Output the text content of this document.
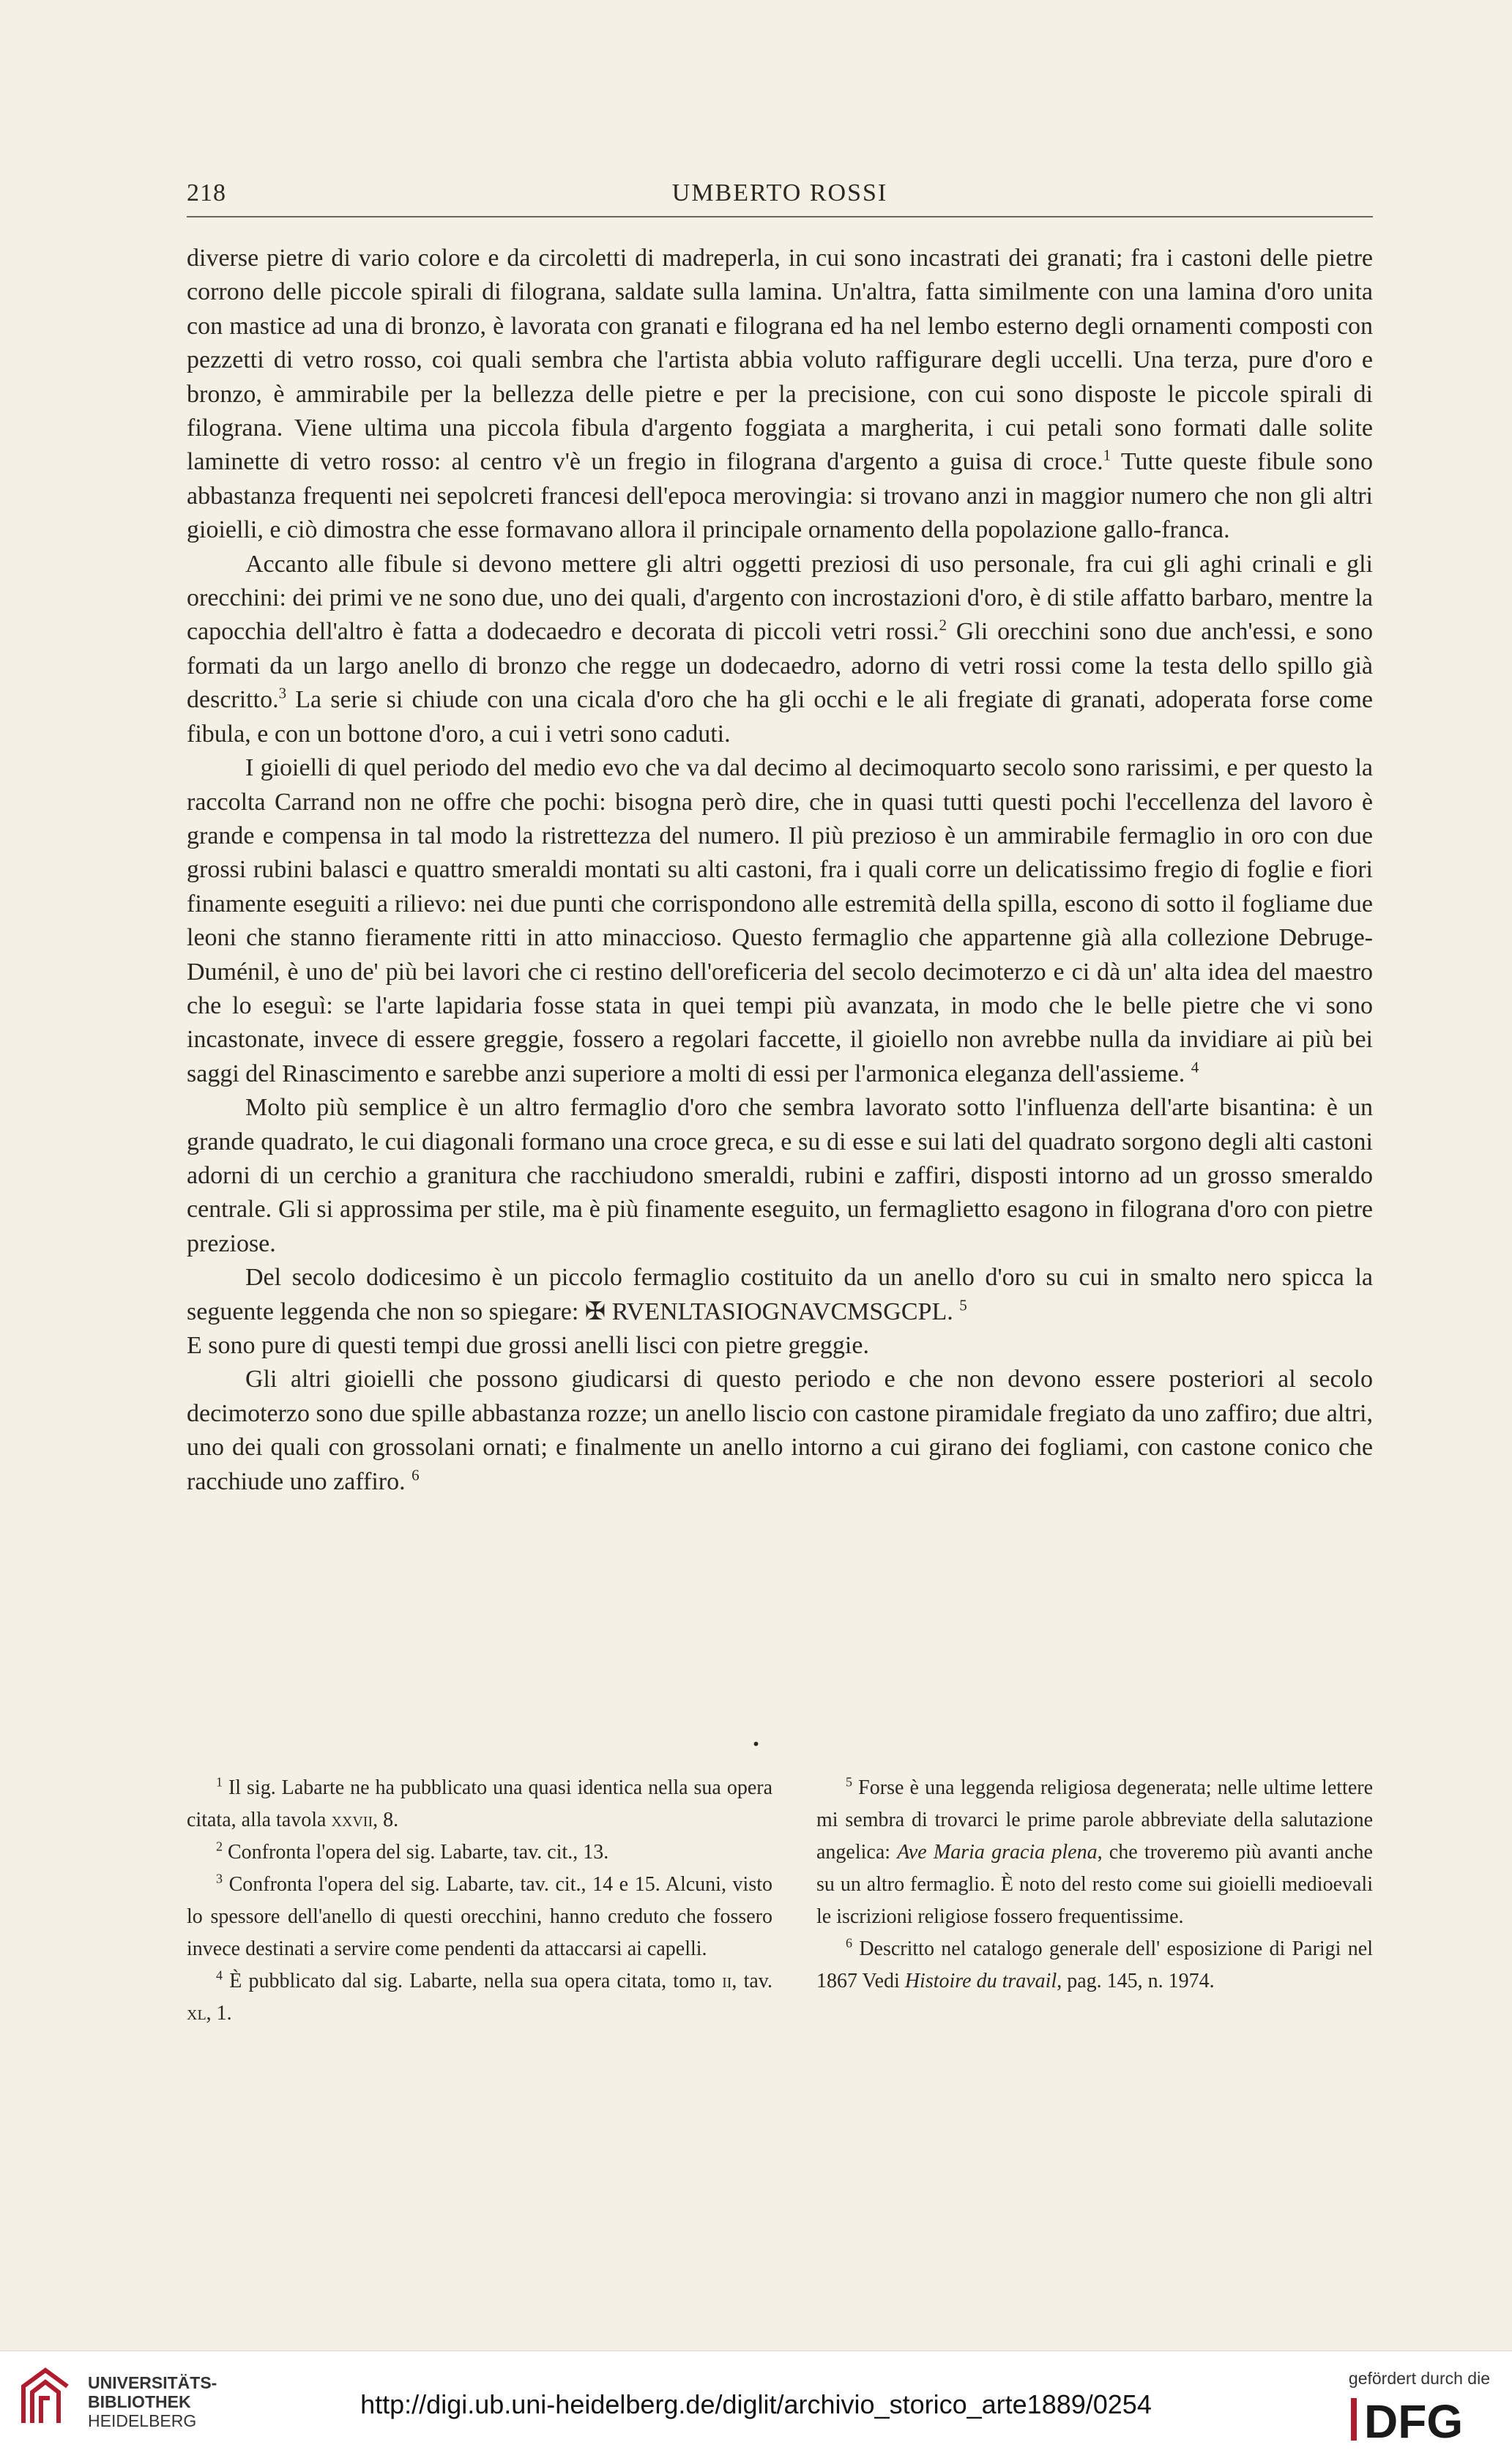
218	UMBERTO ROSSI

diverse pietre di vario colore e da circoletti di madreperla, in cui sono incastrati dei granati; fra i castoni delle pietre corrono delle piccole spirali di filograna, saldate sulla lamina. Un'altra, fatta similmente con una lamina d'oro unita con mastice ad una di bronzo, è lavorata con granati e filograna ed ha nel lembo esterno degli ornamenti composti con pezzetti di vetro rosso, coi quali sembra che l'artista abbia voluto raffigurare degli uccelli. Una terza, pure d'oro e bronzo, è ammirabile per la bellezza delle pietre e per la precisione, con cui sono disposte le piccole spirali di filograna. Viene ultima una piccola fibula d'argento foggiata a margherita, i cui petali sono formati dalle solite laminette di vetro rosso: al centro v'è un fregio in filograna d'argento a guisa di croce.$^1$ Tutte queste fibule sono abbastanza frequenti nei sepolcreti francesi dell'epoca merovingia: si trovano anzi in maggior numero che non gli altri gioielli, e ciò dimostra che esse formavano allora il principale ornamento della popolazione gallo-franca.

Accanto alle fibule si devono mettere gli altri oggetti preziosi di uso personale, fra cui gli aghi crinali e gli orecchini: dei primi ve ne sono due, uno dei quali, d'argento con incrostazioni d'oro, è di stile affatto barbaro, mentre la capocchia dell'altro è fatta a dodecaedro e decorata di piccoli vetri rossi.$^2$ Gli orecchini sono due anch'essi, e sono formati da un largo anello di bronzo che regge un dodecaedro, adorno di vetri rossi come la testa dello spillo già descritto.$^3$ La serie si chiude con una cicala d'oro che ha gli occhi e le ali fregiate di granati, adoperata forse come fibula, e con un bottone d'oro, a cui i vetri sono caduti.

I gioielli di quel periodo del medio evo che va dal decimo al decimoquarto secolo sono rarissimi, e per questo la raccolta Carrand non ne offre che pochi: bisogna però dire, che in quasi tutti questi pochi l'eccellenza del lavoro è grande e compensa in tal modo la ristrettezza del numero. Il più prezioso è un ammirabile fermaglio in oro con due grossi rubini balasci e quattro smeraldi montati su alti castoni, fra i quali corre un delicatissimo fregio di foglie e fiori finamente eseguiti a rilievo: nei due punti che corrispondono alle estremità della spilla, escono di sotto il fogliame due leoni che stanno fieramente ritti in atto minaccioso. Questo fermaglio che appartenne già alla collezione Debruge-Duménil, è uno de' più bei lavori che ci restino dell'oreficeria del secolo decimoterzo e ci dà un' alta idea del maestro che lo eseguì: se l'arte lapidaria fosse stata in quei tempi più avanzata, in modo che le belle pietre che vi sono incastonate, invece di essere greggie, fossero a regolari faccette, il gioiello non avrebbe nulla da invidiare ai più bei saggi del Rinascimento e sarebbe anzi superiore a molti di essi per l'armonica eleganza dell'assieme. $^4$

Molto più semplice è un altro fermaglio d'oro che sembra lavorato sotto l'influenza dell'arte bisantina: è un grande quadrato, le cui diagonali formano una croce greca, e su di esse e sui lati del quadrato sorgono degli alti castoni adorni di un cerchio a granitura che racchiudono smeraldi, rubini e zaffiri, disposti intorno ad un grosso smeraldo centrale. Gli si approssima per stile, ma è più finamente eseguito, un fermaglietto esagono in filograna d'oro con pietre preziose.

Del secolo dodicesimo è un piccolo fermaglio costituito da un anello d'oro su cui in smalto nero spicca la seguente leggenda che non so spiegare: ✠ RVENLTASIOGNAVCMSGCPL. $^5$
E sono pure di questi tempi due grossi anelli lisci con pietre greggie.

Gli altri gioielli che possono giudicarsi di questo periodo e che non devono essere posteriori al secolo decimoterzo sono due spille abbastanza rozze; un anello liscio con castone piramidale fregiato da uno zaffiro; due altri, uno dei quali con grossolani ornati; e finalmente un anello intorno a cui girano dei fogliami, con castone conico che racchiude uno zaffiro. $^6$

•

$^1$ Il sig. Labarte ne ha pubblicato una quasi identica nella sua opera citata, alla tavola xxvii, 8.

$^2$ Confronta l'opera del sig. Labarte, tav. cit., 13.

$^3$ Confronta l'opera del sig. Labarte, tav. cit., 14 e 15. Alcuni, visto lo spessore dell'anello di questi orecchini, hanno creduto che fossero invece destinati a servire come pendenti da attaccarsi ai capelli.

$^4$ È pubblicato dal sig. Labarte, nella sua opera citata, tomo ii, tav. xl, 1.

$^5$ Forse è una leggenda religiosa degenerata; nelle ultime lettere mi sembra di trovarci le prime parole abbreviate della salutazione angelica: Ave Maria gracia plena, che troveremo più avanti anche su un altro fermaglio. È noto del resto come sui gioielli medioevali le iscrizioni religiose fossero frequentissime.

$^6$ Descritto nel catalogo generale dell' esposizione di Parigi nel 1867 Vedi Histoire du travail, pag. 145, n. 1974.

UNIVERSITÄTS-
BIBLIOTHEK
HEIDELBERG
http://digi.ub.uni-heidelberg.de/diglit/archivio_storico_arte1889/0254
gefördert durch die
DFG
